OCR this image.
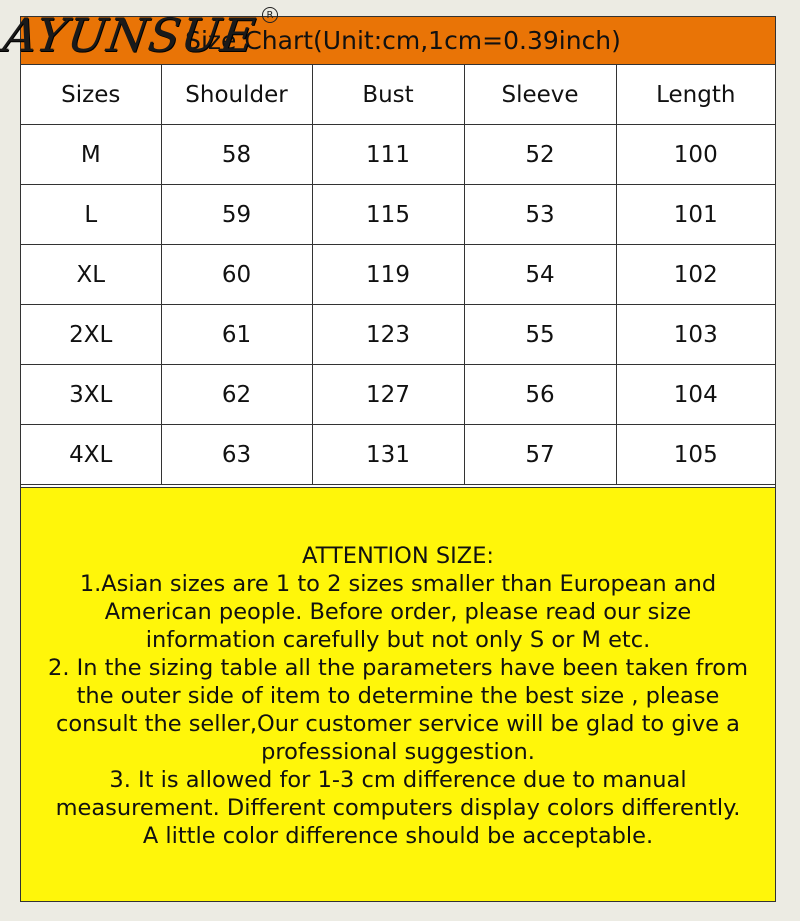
Size Chart(Unit:cm,1cm=0.39inch)
Sizes	Shoulder	Bust	Sleeve	Length
M	58	111	52	100
L	59	115	53	101
XL	60	119	54	102
2XL	61	123	55	103
3XL	62	127	56	104
4XL	63	131	57	105
ATTENTION SIZE:
1.Asian sizes are 1 to 2 sizes smaller than European and
American people. Before order, please read our size
information carefully but not only S or M etc.
2. In the sizing table all the parameters have been taken from
the outer side of item to determine the best size , please
consult the seller,Our customer service will be glad to give a
professional suggestion.
3. It is allowed for 1-3 cm difference due to manual
measurement. Different computers display colors differently.
A little color difference should be acceptable.
AYUNSUE R
